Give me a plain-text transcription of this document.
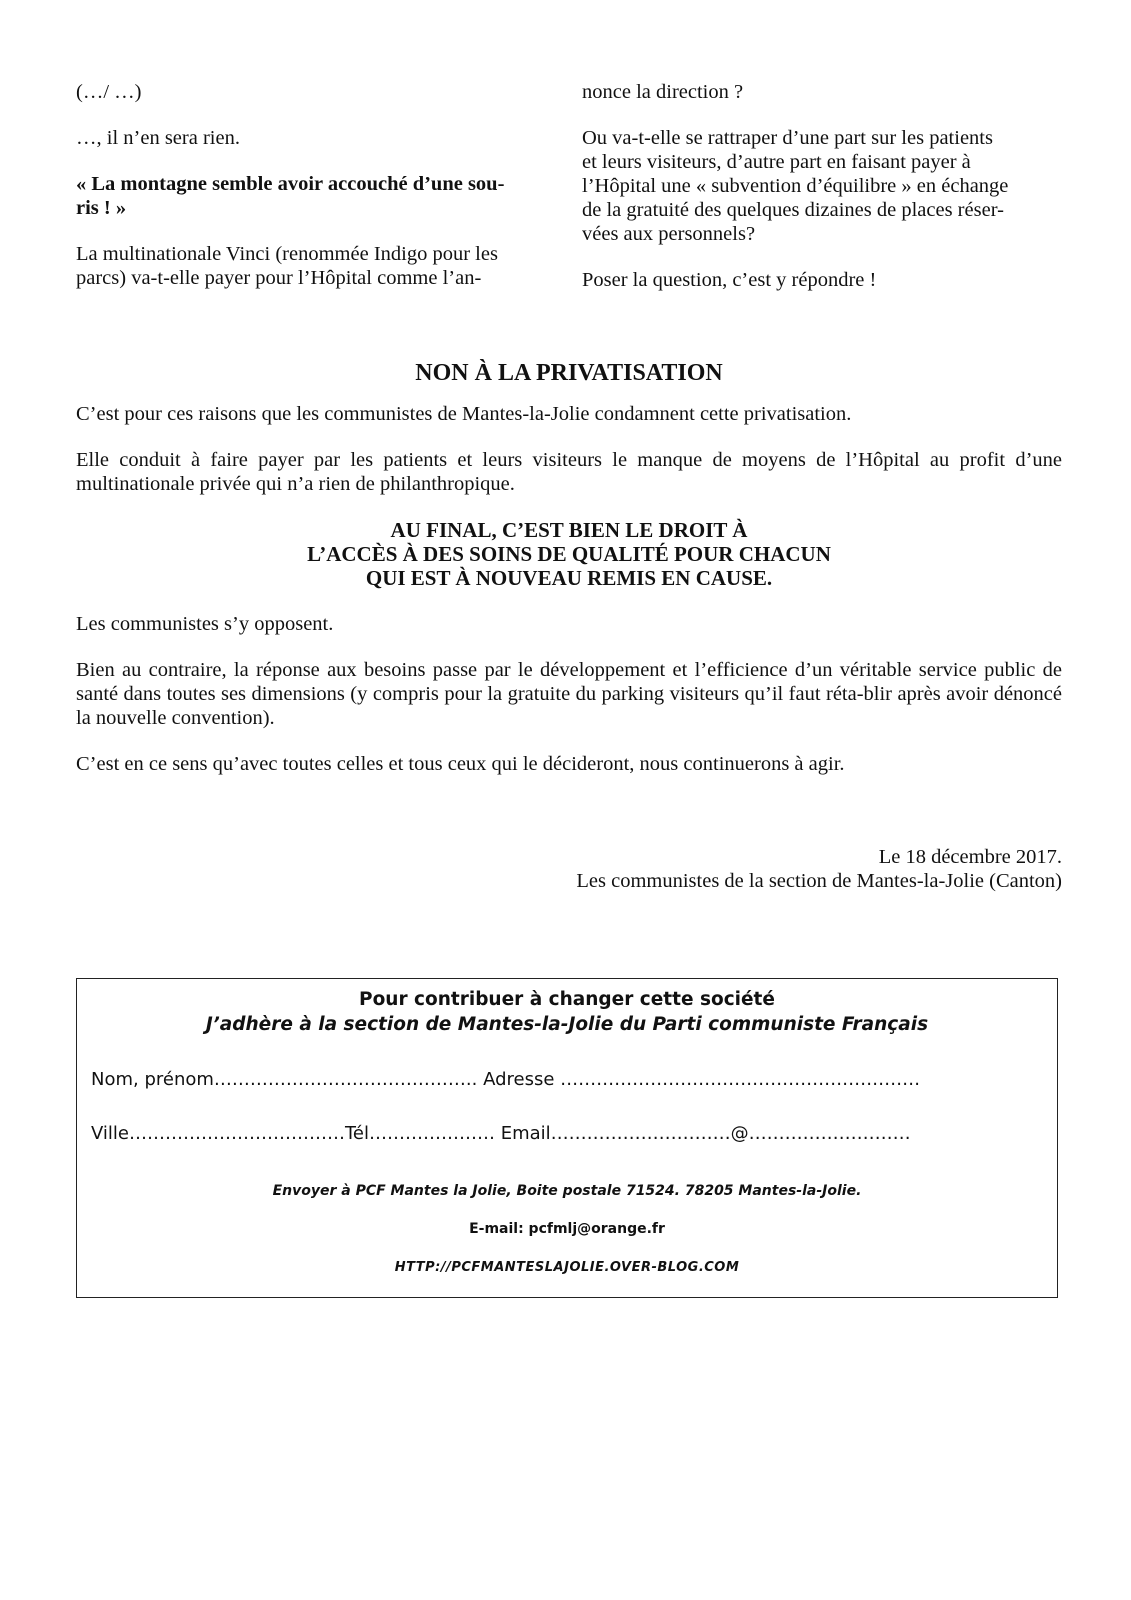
(…/ …)

…, il n’en sera rien.

« La montagne semble avoir accouché d’une sou-
ris ! »

La multinationale Vinci (renommée Indigo pour les
parcs) va-t-elle payer pour l’Hôpital comme l’an-

nonce la direction ?

Ou va-t-elle se rattraper d’une part sur les patients
et leurs visiteurs, d’autre part en faisant payer à
l’Hôpital une « subvention d’équilibre » en échange
de la gratuité des quelques dizaines de places réser-
vées aux personnels?

Poser la question, c’est y répondre !

NON À LA PRIVATISATION

C’est pour ces raisons que les communistes de Mantes-la-Jolie condamnent cette privatisation.

Elle conduit à faire payer par les patients et leurs visiteurs le manque de moyens de l’Hôpital au profit d’une multinationale privée qui n’a rien de philanthropique.

AU FINAL, C’EST BIEN LE DROIT À
L’ACCÈS À DES SOINS DE QUALITÉ POUR CHACUN
QUI EST À NOUVEAU REMIS EN CAUSE.

Les communistes s’y opposent.

Bien au contraire, la réponse aux besoins passe par le développement et l’efficience d’un véritable service public de santé dans toutes ses dimensions (y compris pour la gratuite du parking visiteurs qu’il faut réta-blir après avoir dénoncé la nouvelle convention).

C’est en ce sens qu’avec toutes celles et tous ceux qui le décideront, nous continuerons à agir.

Le 18 décembre 2017.
Les communistes de la section de Mantes-la-Jolie (Canton)
Pour contribuer à changer cette société
J’adhère à la section de Mantes-la-Jolie du Parti communiste Français
Nom, prénom…………………………………….. Adresse ……………………………………………………
Ville………………………………Tél………………… Email…………………………@………………………
Envoyer à PCF Mantes la Jolie, Boite postale 71524. 78205 Mantes-la-Jolie.
E-mail: pcfmlj@orange.fr
HTTP://PCFMANTESLAJOLIE.OVER-BLOG.COM
